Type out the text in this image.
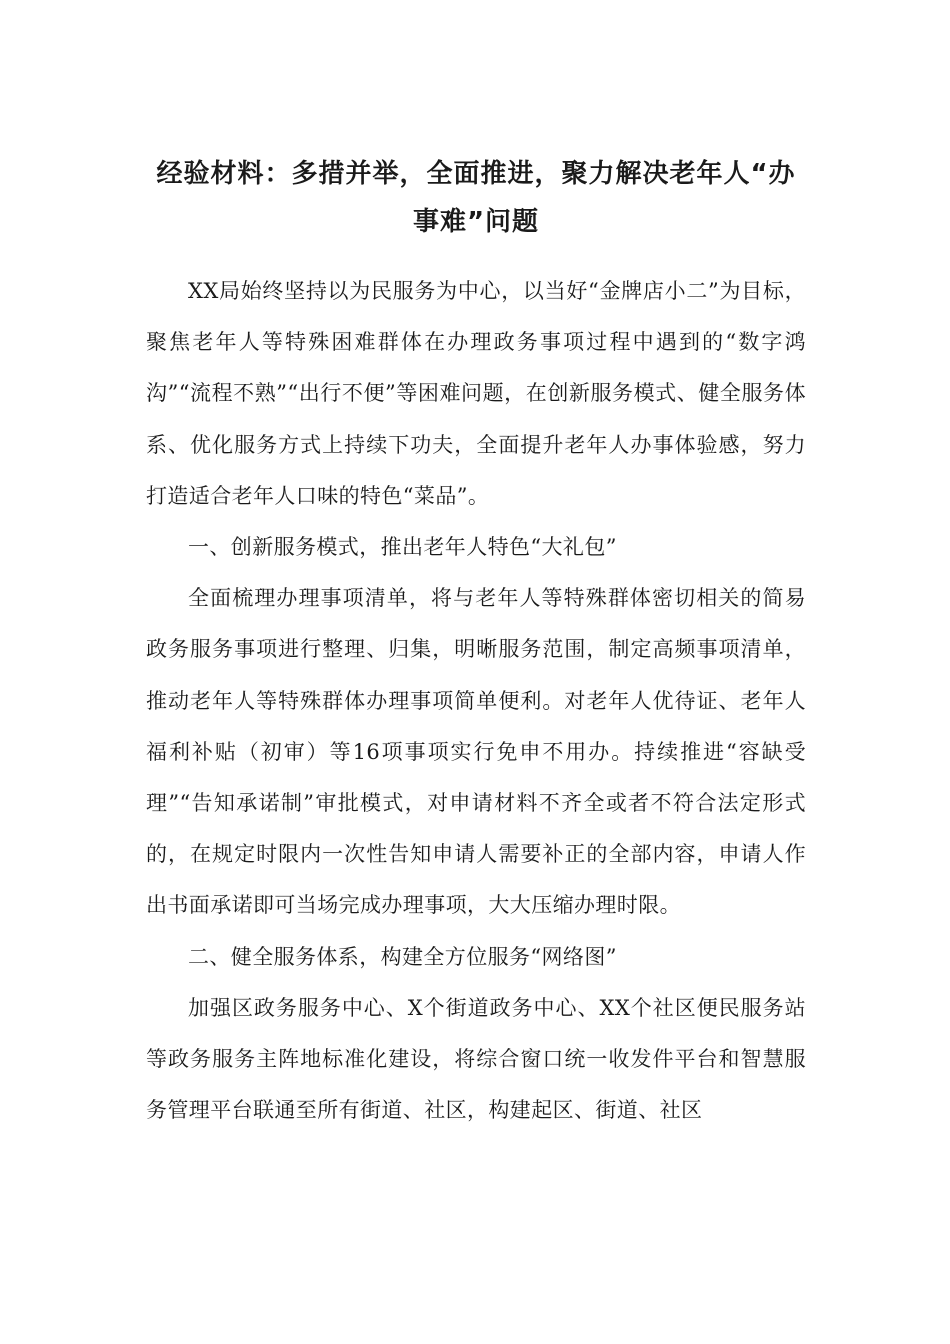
经验材料：多措并举，全面推进，聚力解决老年人“办事难”问题

XX局始终坚持以为民服务为中心，以当好“金牌店小二”为目标，聚焦老年人等特殊困难群体在办理政务事项过程中遇到的“数字鸿沟”“流程不熟”“出行不便”等困难问题，在创新服务模式、健全服务体系、优化服务方式上持续下功夫，全面提升老年人办事体验感，努力打造适合老年人口味的特色“菜品”。

一、创新服务模式，推出老年人特色“大礼包”

全面梳理办理事项清单，将与老年人等特殊群体密切相关的简易政务服务事项进行整理、归集，明晰服务范围，制定高频事项清单，推动老年人等特殊群体办理事项简单便利。对老年人优待证、老年人福利补贴（初审）等16项事项实行免申不用办。持续推进“容缺受理”“告知承诺制”审批模式，对申请材料不齐全或者不符合法定形式的，在规定时限内一次性告知申请人需要补正的全部内容，申请人作出书面承诺即可当场完成办理事项，大大压缩办理时限。

二、健全服务体系，构建全方位服务“网络图”

加强区政务服务中心、X个街道政务中心、XX个社区便民服务站等政务服务主阵地标准化建设，将综合窗口统一收发件平台和智慧服务管理平台联通至所有街道、社区，构建起区、街道、社区
